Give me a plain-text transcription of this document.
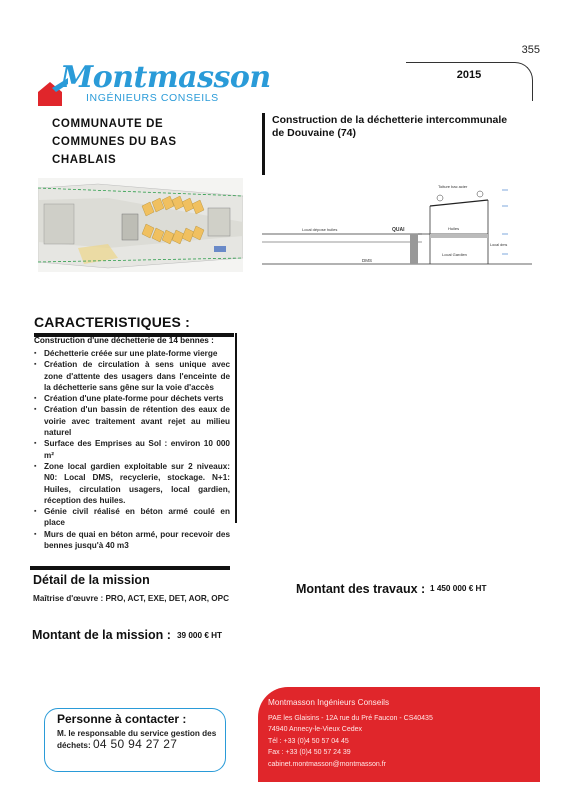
355
Montmasson
INGÉNIEURS CONSEILS
COMMUNAUTE DE
COMMUNES DU BAS
CHABLAIS
2015
Construction de la déchetterie intercommunale de Douvaine (74)
Local dépose huiles	QUAI
DMS
Huiles
Local Gardien
Toiture bac acier
Local dms
CARACTERISTIQUES :
Construction d'une déchetterie de 14 bennes :
▪ Déchetterie créée sur une plate-forme vierge
▪ Création de circulation à sens unique avec zone d'attente des usagers dans l'enceinte de la déchetterie sans gêne sur la voie d'accès
▪ Création d'une plate-forme pour déchets verts
▪ Création d'un bassin de rétention des eaux de voirie avec traitement avant rejet au milieu naturel
▪ Surface des Emprises au Sol : environ 10 000 m²
▪ Zone local gardien exploitable sur 2 niveaux: N0: Local DMS, recyclerie, stockage. N+1: Huiles, circulation usagers, local gardien, réception des huiles.
▪ Génie civil réalisé en béton armé coulé en place
▪ Murs de quai en béton armé, pour recevoir des bennes jusqu'à 40 m3
Détail de la mission
Maîtrise d'œuvre : PRO, ACT, EXE, DET, AOR, OPC
Montant des travaux : 1 450 000 € HT
Montant de la mission : 39 000 € HT
Personne à contacter :
M. le responsable du service gestion des déchets: 04 50 94 27 27
Montmasson Ingénieurs Conseils
PAE les Glaisins - 12A rue du Pré Faucon - CS40435
74940 Annecy-le-Vieux Cedex
Tél : +33 (0)4 50 57 04 45
Fax : +33 (0)4 50 57 24 39
cabinet.montmasson@montmasson.fr
